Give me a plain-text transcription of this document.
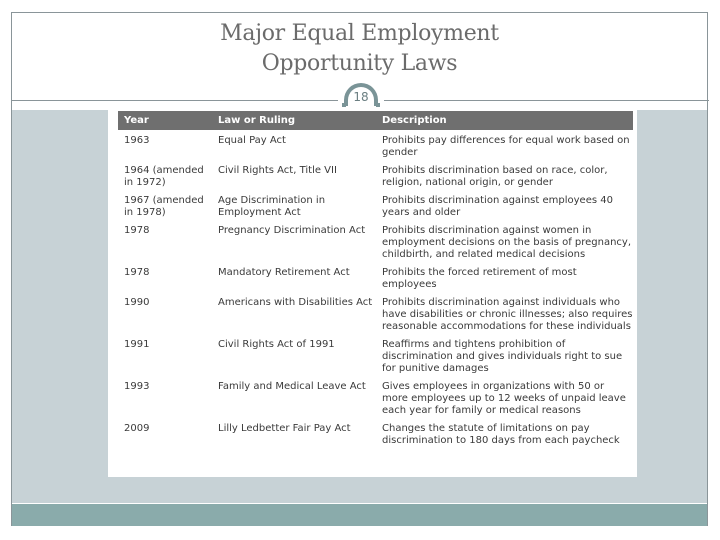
Major Equal Employment
Opportunity Laws
18
Year	Law or Ruling	Description
1963	Equal Pay Act	Prohibits pay differences for equal work based on gender
1964 (amended in 1972)	Civil Rights Act, Title VII	Prohibits discrimination based on race, color, religion, national origin, or gender
1967 (amended in 1978)	Age Discrimination in Employment Act	Prohibits discrimination against employees 40 years and older
1978	Pregnancy Discrimination Act	Prohibits discrimination against women in employment decisions on the basis of pregnancy, childbirth, and related medical decisions
1978	Mandatory Retirement Act	Prohibits the forced retirement of most employees
1990	Americans with Disabilities Act	Prohibits discrimination against individuals who have disabilities or chronic illnesses; also requires reasonable accommodations for these individuals
1991	Civil Rights Act of 1991	Reaffirms and tightens prohibition of discrimination and gives individuals right to sue for punitive damages
1993	Family and Medical Leave Act	Gives employees in organizations with 50 or more employees up to 12 weeks of unpaid leave each year for family or medical reasons
2009	Lilly Ledbetter Fair Pay Act	Changes the statute of limitations on pay discrimination to 180 days from each paycheck
